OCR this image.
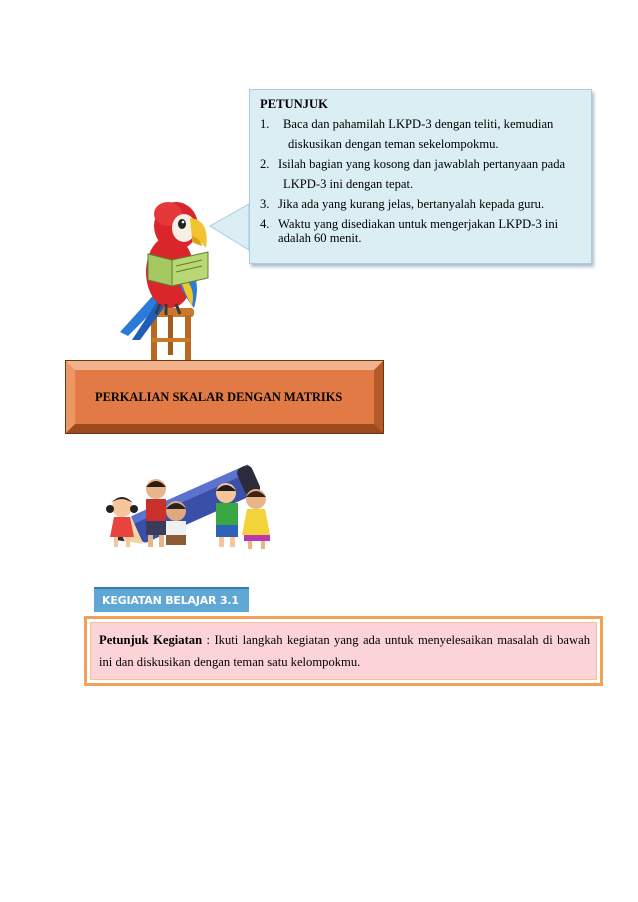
PETUNJUK
1.	Baca dan pahamilah LKPD-3 dengan teliti, kemudian
diskusikan dengan teman sekelompokmu.
2. Isilah bagian yang kosong dan jawablah pertanyaan pada
LKPD-3 ini dengan tepat.
3. Jika ada yang kurang jelas, bertanyalah kepada guru.
4. Waktu yang disediakan untuk mengerjakan LKPD-3 ini
adalah 60 menit.
PERKALIAN SKALAR DENGAN MATRIKS
KEGIATAN BELAJAR 3.1
Petunjuk Kegiatan : Ikuti langkah kegiatan yang ada untuk menyelesaikan masalah di bawah ini dan diskusikan dengan teman satu kelompokmu.
